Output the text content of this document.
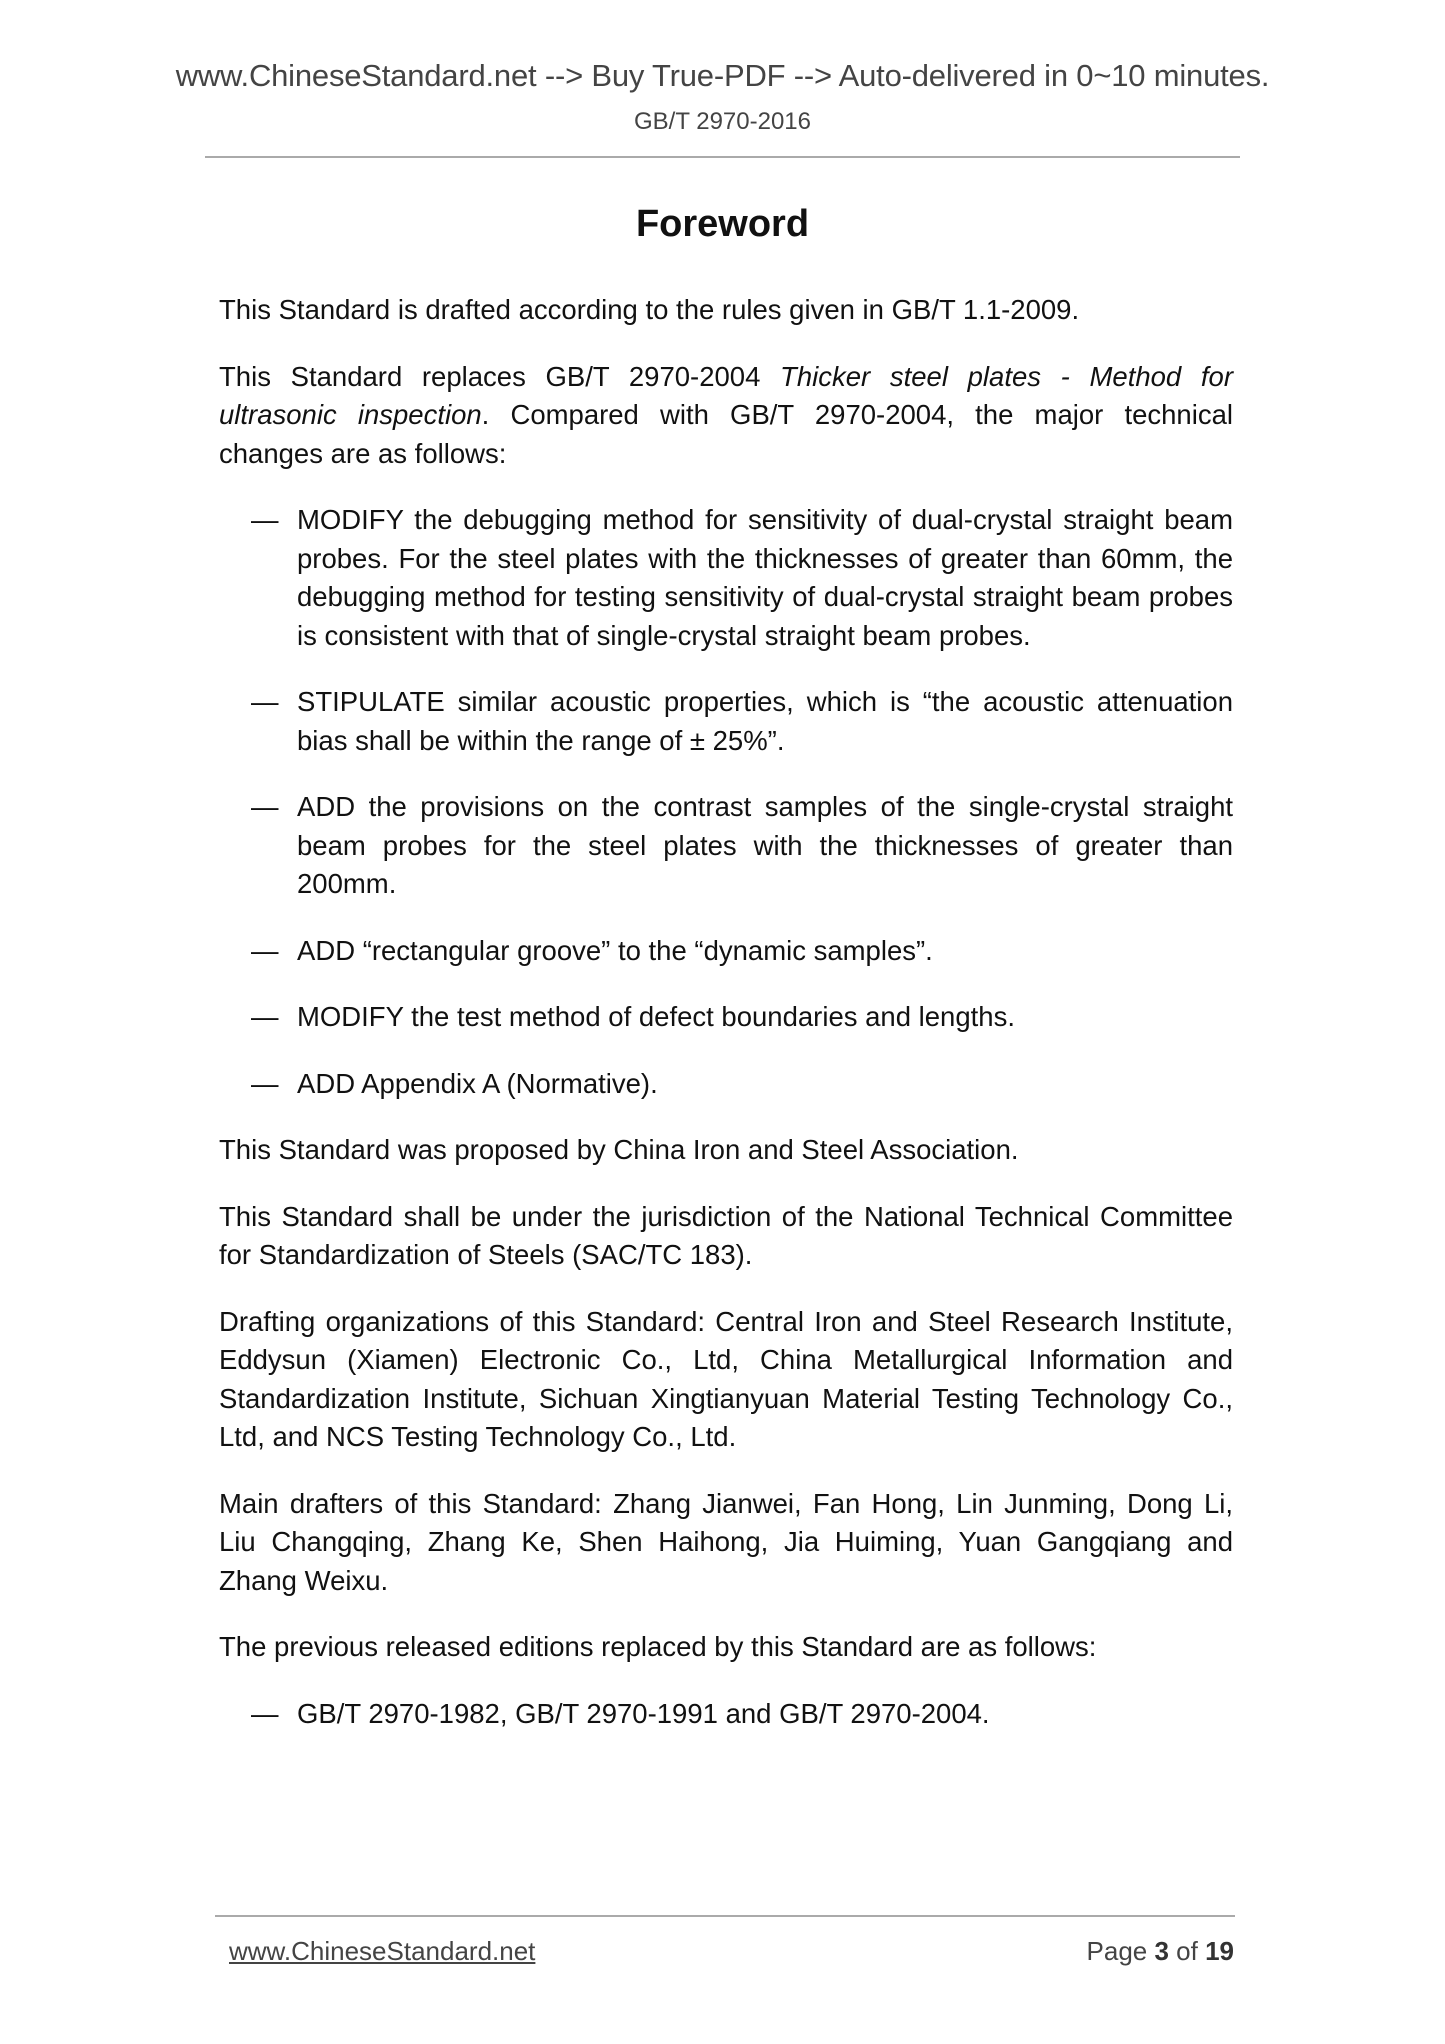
www.ChineseStandard.net --> Buy True-PDF --> Auto-delivered in 0~10 minutes.
GB/T 2970-2016
Foreword

This Standard is drafted according to the rules given in GB/T 1.1-2009.

This Standard replaces GB/T 2970-2004 Thicker steel plates - Method for ultrasonic inspection. Compared with GB/T 2970-2004, the major technical changes are as follows:

— MODIFY the debugging method for sensitivity of dual-crystal straight beam probes. For the steel plates with the thicknesses of greater than 60mm, the debugging method for testing sensitivity of dual-crystal straight beam probes is consistent with that of single-crystal straight beam probes.
— STIPULATE similar acoustic properties, which is “the acoustic attenuation bias shall be within the range of ± 25%”.
— ADD the provisions on the contrast samples of the single-crystal straight beam probes for the steel plates with the thicknesses of greater than 200mm.
— ADD “rectangular groove” to the “dynamic samples”.
— MODIFY the test method of defect boundaries and lengths.
— ADD Appendix A (Normative).

This Standard was proposed by China Iron and Steel Association.

This Standard shall be under the jurisdiction of the National Technical Committee for Standardization of Steels (SAC/TC 183).

Drafting organizations of this Standard: Central Iron and Steel Research Institute, Eddysun (Xiamen) Electronic Co., Ltd, China Metallurgical Information and Standardization Institute, Sichuan Xingtianyuan Material Testing Technology Co., Ltd, and NCS Testing Technology Co., Ltd.

Main drafters of this Standard: Zhang Jianwei, Fan Hong, Lin Junming, Dong Li, Liu Changqing, Zhang Ke, Shen Haihong, Jia Huiming, Yuan Gangqiang and Zhang Weixu.

The previous released editions replaced by this Standard are as follows:

— GB/T 2970-1982, GB/T 2970-1991 and GB/T 2970-2004.
www.ChineseStandard.net	Page 3 of 19
